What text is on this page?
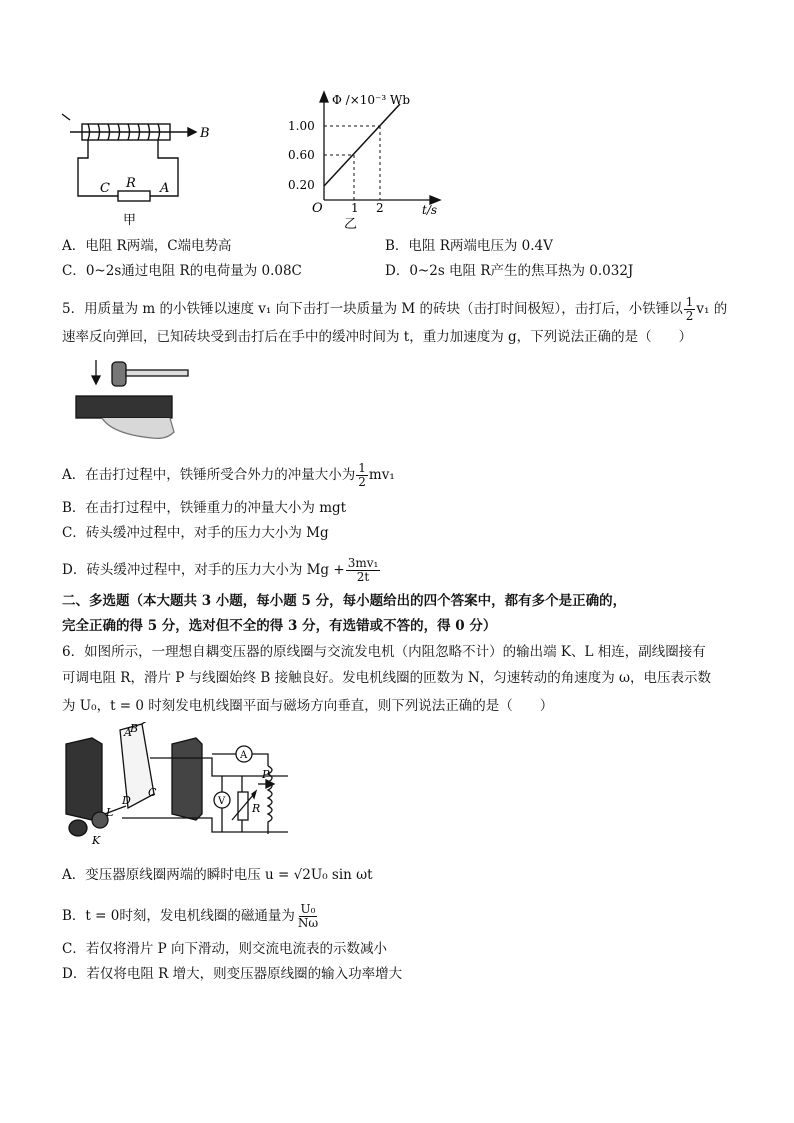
B
C R A
甲
Φ /×10⁻³ Wb
1.00
0.60
0.20
O 1 2	t/s
乙
A．电阻 R两端，C端电势高	B．电阻 R两端电压为 0.4V
C．0~2s通过电阻 R的电荷量为 0.08C	D．0~2s 电阻 R产生的焦耳热为 0.032J
5．用质量为 m 的小铁锤以速度 v₁ 向下击打一块质量为 M 的砖块（击打时间极短），击打后，小铁锤以 $\frac{1}{2} v_1$ 的
速率反向弹回，已知砖块受到击打后在手中的缓冲时间为 t，重力加速度为 g，下列说法正确的是（　　）
A．在击打过程中，铁锤所受合外力的冲量大小为 $\frac{1}{2} mv_1$
B．在击打过程中，铁锤重力的冲量大小为 mgt
C．砖头缓冲过程中，对手的压力大小为 Mg
D．砖头缓冲过程中，对手的压力大小为 $Mg + \frac{\text{3mv₁}}{2t}$
二、多选题（本大题共 3 小题，每小题 5 分，每小题给出的四个答案中，都有多个是正确的，
完全正确的得 5 分，选对但不全的得 3 分，有选错或不答的，得 0 分）
6．如图所示，一理想自耦变压器的原线圈与交流发电机（内阻忽略不计）的输出端 K、L 相连，副线圈接有
可调电阻 R，滑片 P 与线圈始终 B 接触良好。发电机线圈的匝数为 N，匀速转动的角速度为 ω，电压表示数
为 U₀，t = 0 时刻发电机线圈平面与磁场方向垂直，则下列说法正确的是（　　）
A
B
C
D
L
K
A
V
P
R
A．变压器原线圈两端的瞬时电压 u = √2U₀ sin ωt
B．t = 0时刻，发电机线圈的磁通量为 $\frac{\text{U₀}}{N\omega}$
C．若仅将滑片 P 向下滑动，则交流电流表的示数减小
D．若仅将电阻 R 增大，则变压器原线圈的输入功率增大
